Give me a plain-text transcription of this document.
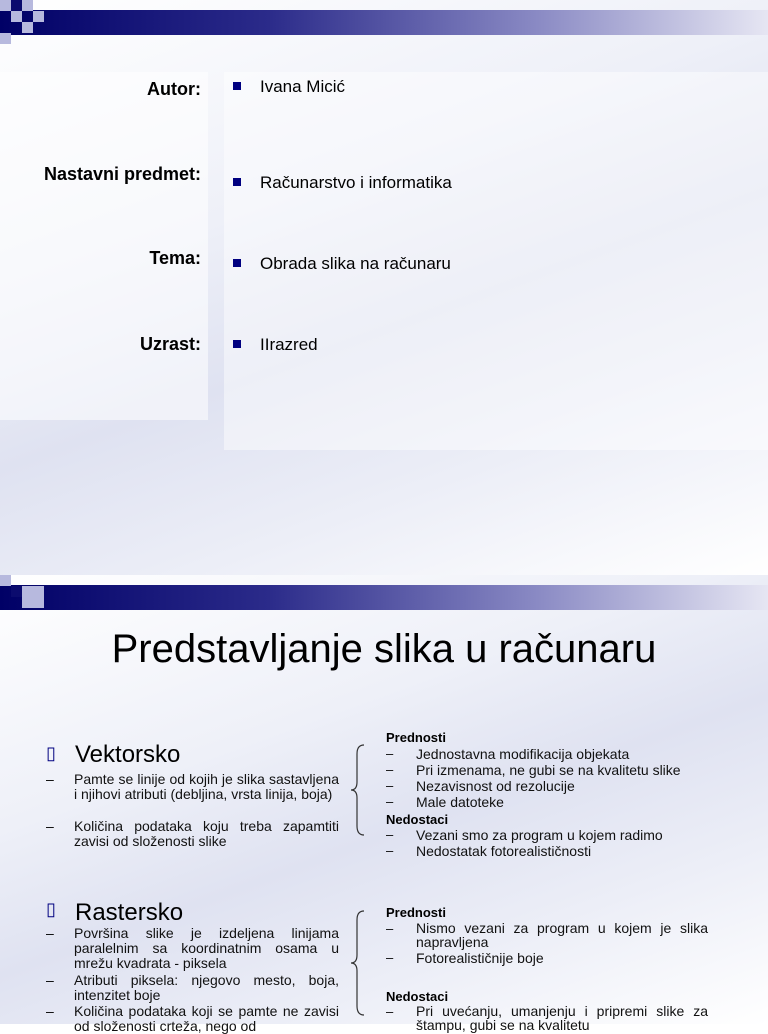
Autor:	Ivana Micić
Nastavni predmet:	Računarstvo i informatika
Tema:	Obrada slika na računaru
Uzrast:	IIrazred
Predstavljanje slika u računaru
▯ Vektorsko
– Pamte se linije od kojih je slika sastavljena i njihovi atributi (debljina, vrsta linija, boja)
– Količina podataka koju treba zapamtiti zavisi od složenosti slike
Prednosti
– Jednostavna modifikacija objekata
– Pri izmenama, ne gubi se na kvalitetu slike
– Nezavisnost od rezolucije
– Male datoteke
Nedostaci
– Vezani smo za program u kojem radimo
– Nedostatak fotorealističnosti
▯ Rastersko
– Površina slike je izdeljena linijama paralelnim sa koordinatnim osama u mrežu kvadrata - piksela
– Atributi piksela: njegovo mesto, boja, intenzitet boje
– Količina podataka koji se pamte ne zavisi od složenosti crteža, nego od
Prednosti
– Nismo vezani za program u kojem je slika napravljena
– Fotorealističnije boje
Nedostaci
– Pri uvećanju, umanjenju i pripremi slike za štampu, gubi se na kvalitetu
